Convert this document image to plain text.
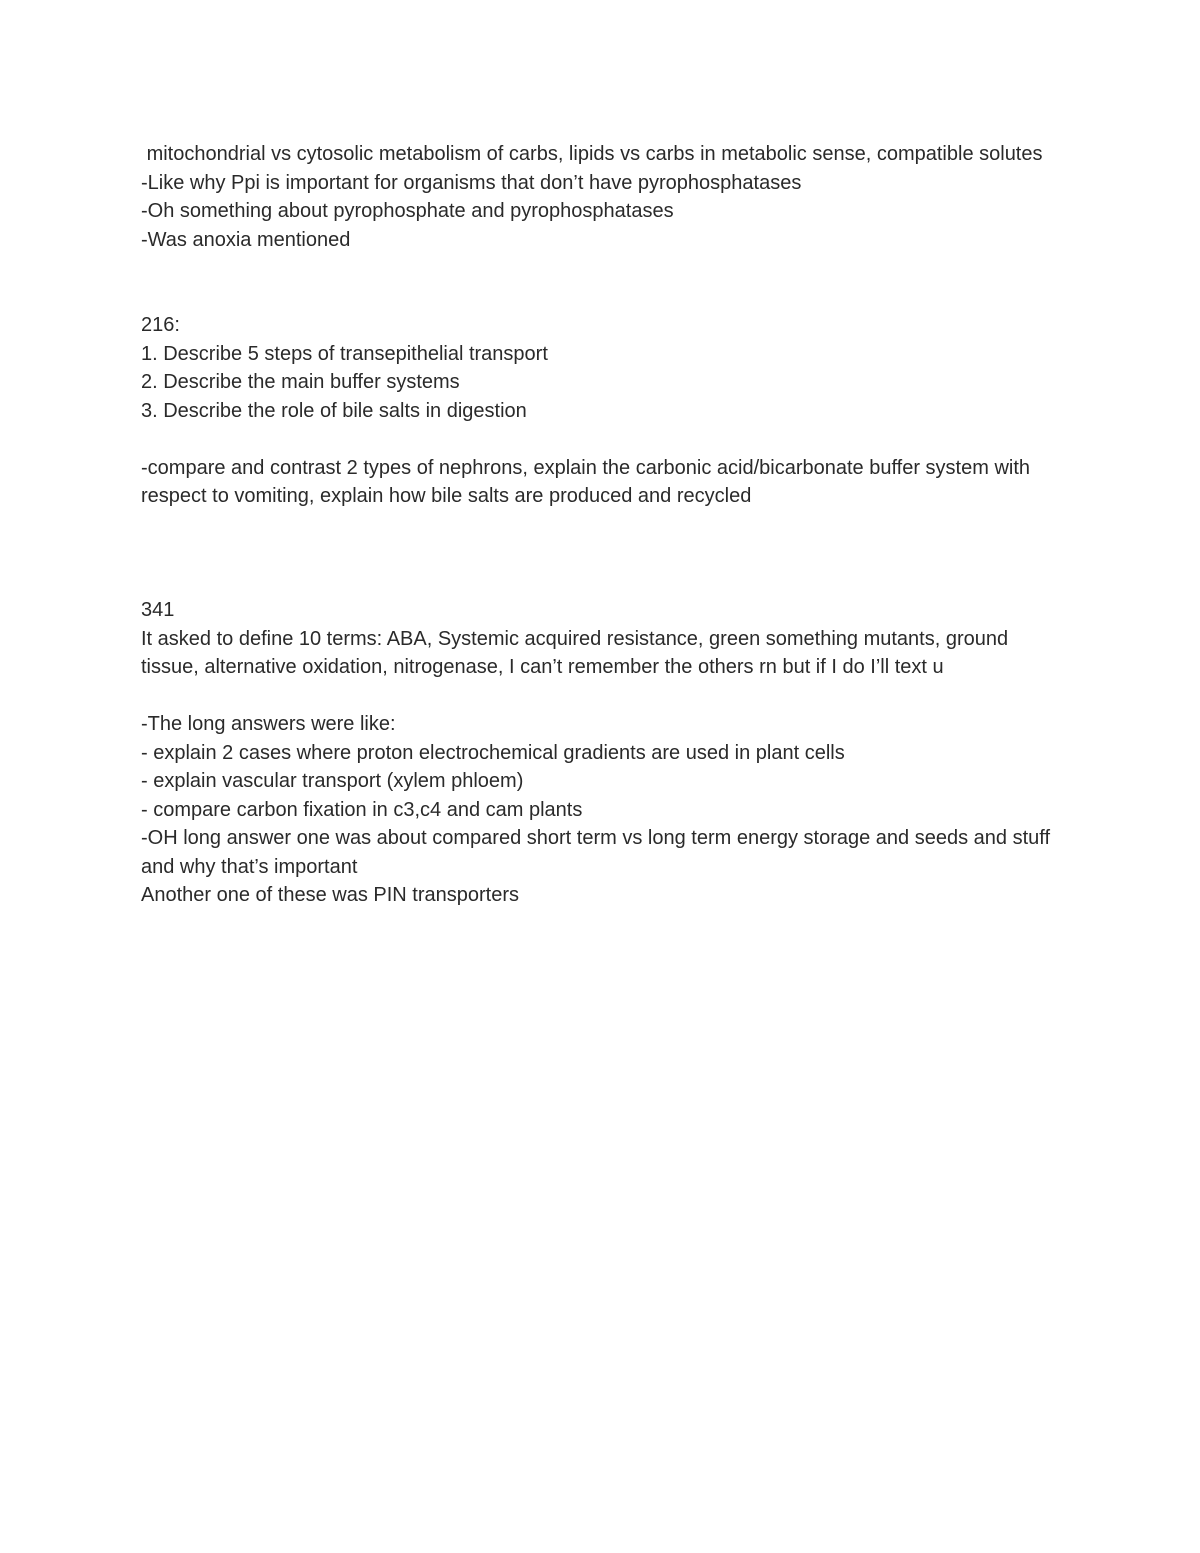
mitochondrial vs cytosolic metabolism of carbs, lipids vs carbs in metabolic sense, compatible solutes
-Like why Ppi is important for organisms that don’t have pyrophosphatases
-Oh something about pyrophosphate and pyrophosphatases
-Was anoxia mentioned
216:
1. Describe 5 steps of transepithelial transport
2. Describe the main buffer systems
3. Describe the role of bile salts in digestion
-compare and contrast 2 types of nephrons, explain the carbonic acid/bicarbonate buffer system with respect to vomiting, explain how bile salts are produced and recycled
341
It asked to define 10 terms: ABA, Systemic acquired resistance, green something mutants, ground tissue, alternative oxidation, nitrogenase, I can’t remember the others rn but if I do I’ll text u
-The long answers were like:
- explain 2 cases where proton electrochemical gradients are used in plant cells
- explain vascular transport (xylem phloem)
- compare carbon fixation in c3,c4 and cam plants
-OH long answer one was about compared short term vs long term energy storage and seeds and stuff and why that’s important
Another one of these was PIN transporters
